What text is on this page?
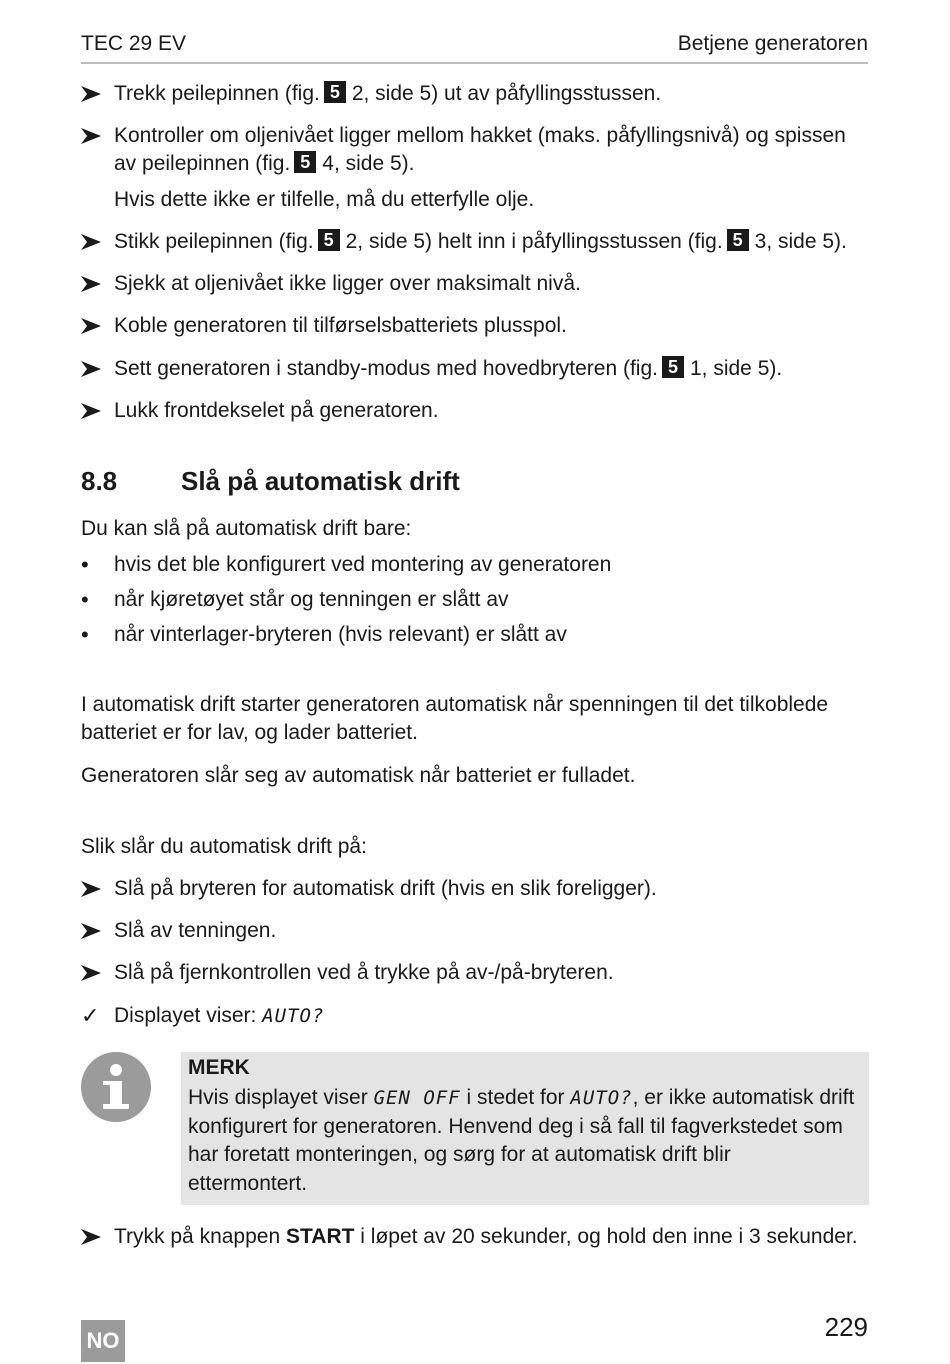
TEC 29 EV	Betjene generatoren
Trekk peilepinnen (fig. 5 2, side 5) ut av påfyllingsstussen.
Kontroller om oljenivået ligger mellom hakket (maks. påfyllingsnivå) og spissen
av peilepinnen (fig. 5 4, side 5).
Hvis dette ikke er tilfelle, må du etterfylle olje.
Stikk peilepinnen (fig. 5 2, side 5) helt inn i påfyllingsstussen (fig. 5 3, side 5).
Sjekk at oljenivået ikke ligger over maksimalt nivå.
Koble generatoren til tilførselsbatteriets plusspol.
Sett generatoren i standby-modus med hovedbryteren (fig. 5 1, side 5).
Lukk frontdekselet på generatoren.
8.8 Slå på automatisk drift
Du kan slå på automatisk drift bare:
•	hvis det ble konfigurert ved montering av generatoren
•	når kjøretøyet står og tenningen er slått av
•	når vinterlager-bryteren (hvis relevant) er slått av
I automatisk drift starter generatoren automatisk når spenningen til det tilkoblede
batteriet er for lav, og lader batteriet.
Generatoren slår seg av automatisk når batteriet er fulladet.
Slik slår du automatisk drift på:
Slå på bryteren for automatisk drift (hvis en slik foreligger).
Slå av tenningen.
Slå på fjernkontrollen ved å trykke på av-/på-bryteren.
✓ Displayet viser: AUTO?
MERK
Hvis displayet viser GEN OFF i stedet for AUTO?, er ikke automatisk drift
konfigurert for generatoren. Henvend deg i så fall til fagverkstedet som
har foretatt monteringen, og sørg for at automatisk drift blir
ettermontert.
Trykk på knappen START i løpet av 20 sekunder, og hold den inne i 3 sekunder.
229
NO
